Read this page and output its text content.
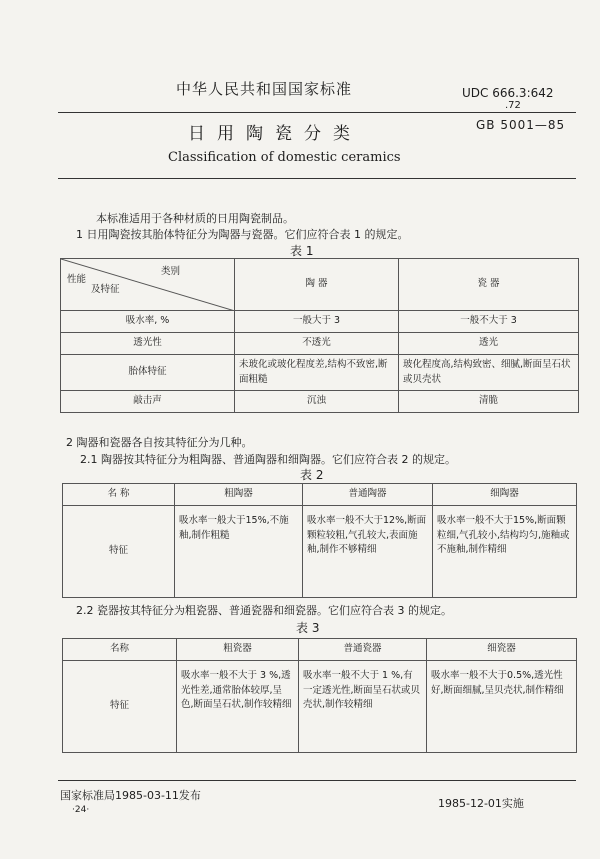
中华人民共和国国家标准
日用陶瓷分类
Classification of domestic ceramics
UDC 666.3:642
.72
GB 5001—85
本标准适用于各种材质的日用陶瓷制品。
1 日用陶瓷按其胎体特征分为陶器与瓷器。它们应符合表 1 的规定。
表 1
类别
性能
及特征	陶 器	瓷 器
吸水率, %	一般大于 3	一般不大于 3
透光性	不透光	透光
胎体特征	未玻化或玻化程度差,结构不致密,断面粗糙	玻化程度高,结构致密、细腻,断面呈石状或贝壳状
敲击声	沉浊	清脆
2 陶器和瓷器各自按其特征分为几种。
2.1 陶器按其特征分为粗陶器、普通陶器和细陶器。它们应符合表 2 的规定。
表 2
名 称	粗陶器	普通陶器	细陶器
特征	吸水率一般大于15%,不施釉,制作粗糙	吸水率一般不大于12%,断面颗粒较粗,气孔较大,表面施釉,制作不够精细	吸水率一般不大于15%,断面颗粒细,气孔较小,结构均匀,施釉或不施釉,制作精细
2.2 瓷器按其特征分为粗瓷器、普通瓷器和细瓷器。它们应符合表 3 的规定。
表 3
名称	粗瓷器	普通瓷器	细瓷器
特征	吸水率一般不大于 3 %,透光性差,通常胎体较厚,呈色,断面呈石状,制作较精细	吸水率一般不大于 1 %,有一定透光性,断面呈石状或贝壳状,制作较精细	吸水率一般不大于0.5%,透光性好,断面细腻,呈贝壳状,制作精细
国家标准局1985-03-11发布
1985-12-01实施
·24·
